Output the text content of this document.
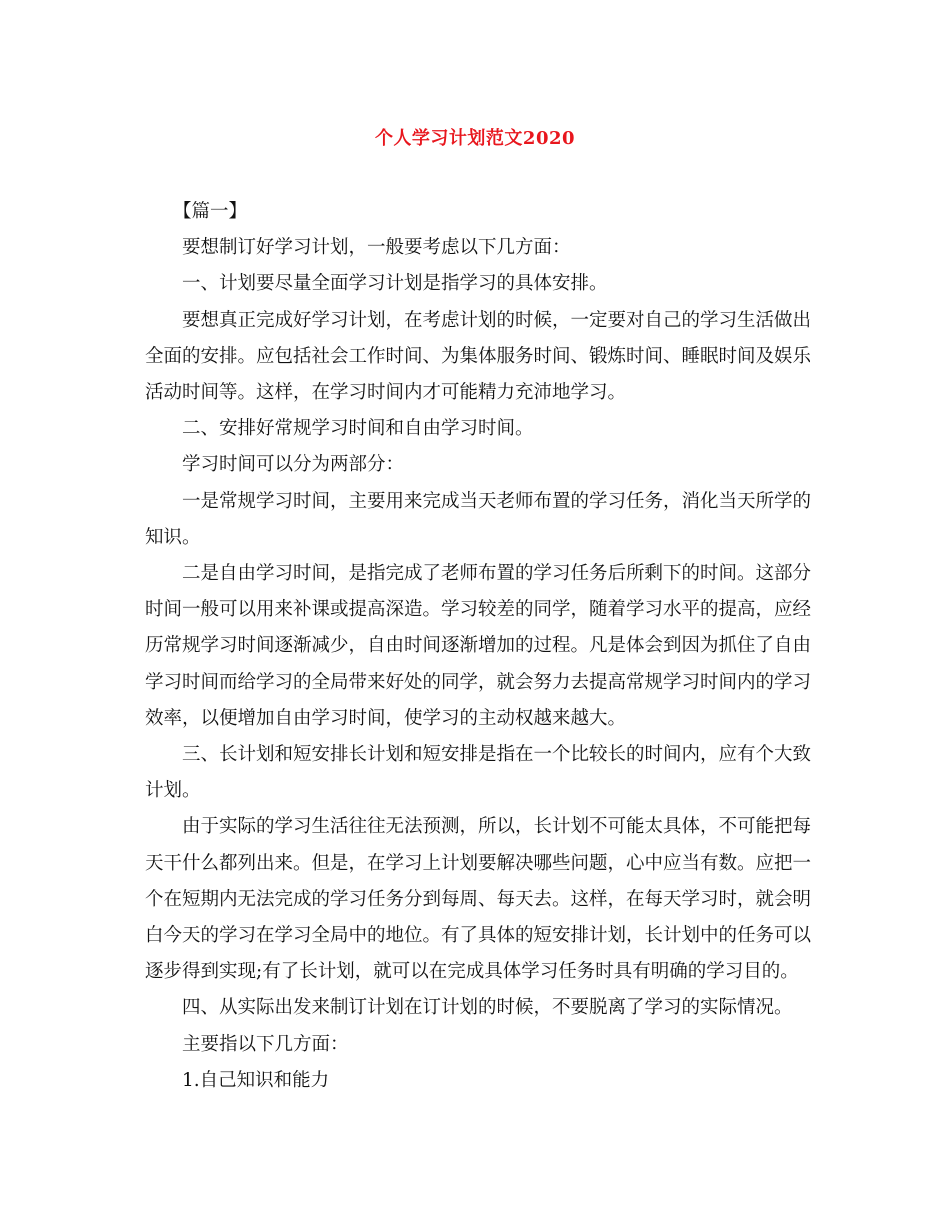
个人学习计划范文2020

【篇一】

要想制订好学习计划，一般要考虑以下几方面：

一、计划要尽量全面学习计划是指学习的具体安排。

要想真正完成好学习计划，在考虑计划的时候，一定要对自己的学习生活做出全面的安排。应包括社会工作时间、为集体服务时间、锻炼时间、睡眠时间及娱乐活动时间等。这样，在学习时间内才可能精力充沛地学习。

二、安排好常规学习时间和自由学习时间。

学习时间可以分为两部分：

一是常规学习时间，主要用来完成当天老师布置的学习任务，消化当天所学的知识。

二是自由学习时间，是指完成了老师布置的学习任务后所剩下的时间。这部分时间一般可以用来补课或提高深造。学习较差的同学，随着学习水平的提高，应经历常规学习时间逐渐减少，自由时间逐渐增加的过程。凡是体会到因为抓住了自由学习时间而给学习的全局带来好处的同学，就会努力去提高常规学习时间内的学习效率，以便增加自由学习时间，使学习的主动权越来越大。

三、长计划和短安排长计划和短安排是指在一个比较长的时间内，应有个大致计划。

由于实际的学习生活往往无法预测，所以，长计划不可能太具体，不可能把每天干什么都列出来。但是，在学习上计划要解决哪些问题，心中应当有数。应把一个在短期内无法完成的学习任务分到每周、每天去。这样，在每天学习时，就会明白今天的学习在学习全局中的地位。有了具体的短安排计划，长计划中的任务可以逐步得到实现;有了长计划，就可以在完成具体学习任务时具有明确的学习目的。

四、从实际出发来制订计划在订计划的时候，不要脱离了学习的实际情况。

主要指以下几方面：

1.自己知识和能力
